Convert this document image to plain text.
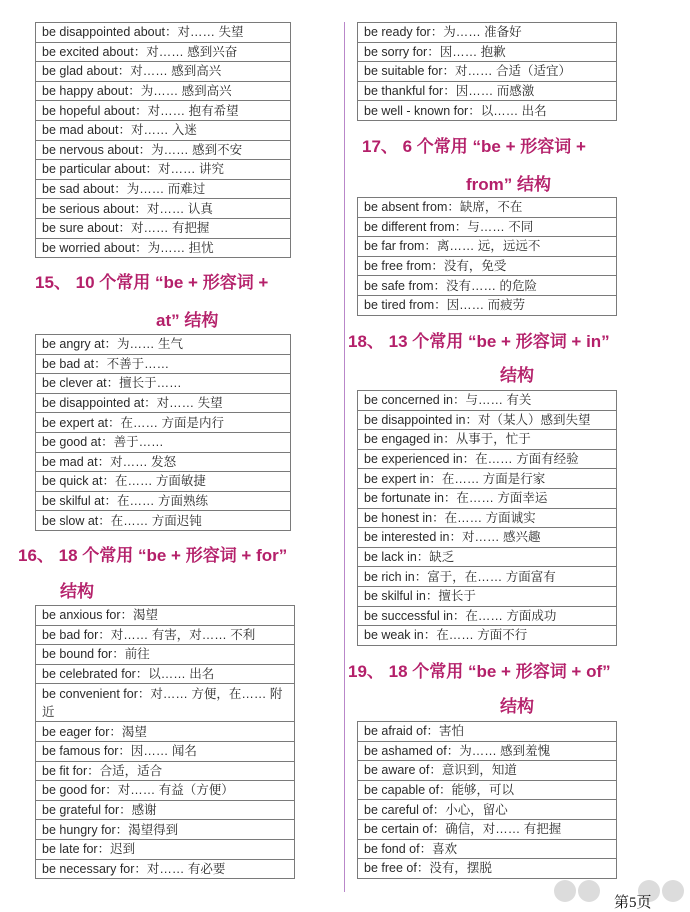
be disappointed about：对…… 失望
be excited about：对…… 感到兴奋
be glad about：对…… 感到高兴
be happy about：为…… 感到高兴
be hopeful about：对…… 抱有希望
be mad about：对…… 入迷
be nervous about：为…… 感到不安
be particular about：对…… 讲究
be sad about：为…… 而难过
be serious about：对…… 认真
be sure about：对…… 有把握
be worried about：为…… 担忧
15、 10 个常用 “be + 形容词 +
at” 结构
be angry at：为…… 生气
be bad at：不善于……
be clever at：擅长于……
be disappointed at：对…… 失望
be expert at：在…… 方面是内行
be good at：善于……
be mad at：对…… 发怒
be quick at：在…… 方面敏捷
be skilful at：在…… 方面熟练
be slow at：在…… 方面迟钝
16、 18 个常用 “be + 形容词 + for”
结构
be anxious for：渴望
be bad for：对…… 有害，对…… 不利
be bound for：前往
be celebrated for：以…… 出名
be convenient for：对…… 方便，在…… 附近
be eager for：渴望
be famous for：因…… 闻名
be fit for：合适，适合
be good for：对…… 有益（方便）
be grateful for：感谢
be hungry for：渴望得到
be late for：迟到
be necessary for：对…… 有必要
be ready for：为…… 准备好
be sorry for：因…… 抱歉
be suitable for：对…… 合适（适宜）
be thankful for：因…… 而感激
be well - known for：以…… 出名
17、 6 个常用 “be + 形容词 +
from” 结构
be absent from：缺席，不在
be different from：与…… 不同
be far from：离…… 远，远远不
be free from：没有，免受
be safe from：没有…… 的危险
be tired from：因…… 而疲劳
18、 13 个常用 “be + 形容词 + in”
结构
be concerned in：与…… 有关
be disappointed in：对（某人）感到失望
be engaged in：从事于，忙于
be experienced in：在…… 方面有经验
be expert in：在…… 方面是行家
be fortunate in：在…… 方面幸运
be honest in：在…… 方面诚实
be interested in：对…… 感兴趣
be lack in：缺乏
be rich in：富于，在…… 方面富有
be skilful in：擅长于
be successful in：在…… 方面成功
be weak in：在…… 方面不行
19、 18 个常用 “be + 形容词 + of”
结构
be afraid of：害怕
be ashamed of：为…… 感到羞愧
be aware of：意识到，知道
be capable of：能够，可以
be careful of：小心，留心
be certain of：确信，对…… 有把握
be fond of：喜欢
be free of：没有，摆脱
第5页
